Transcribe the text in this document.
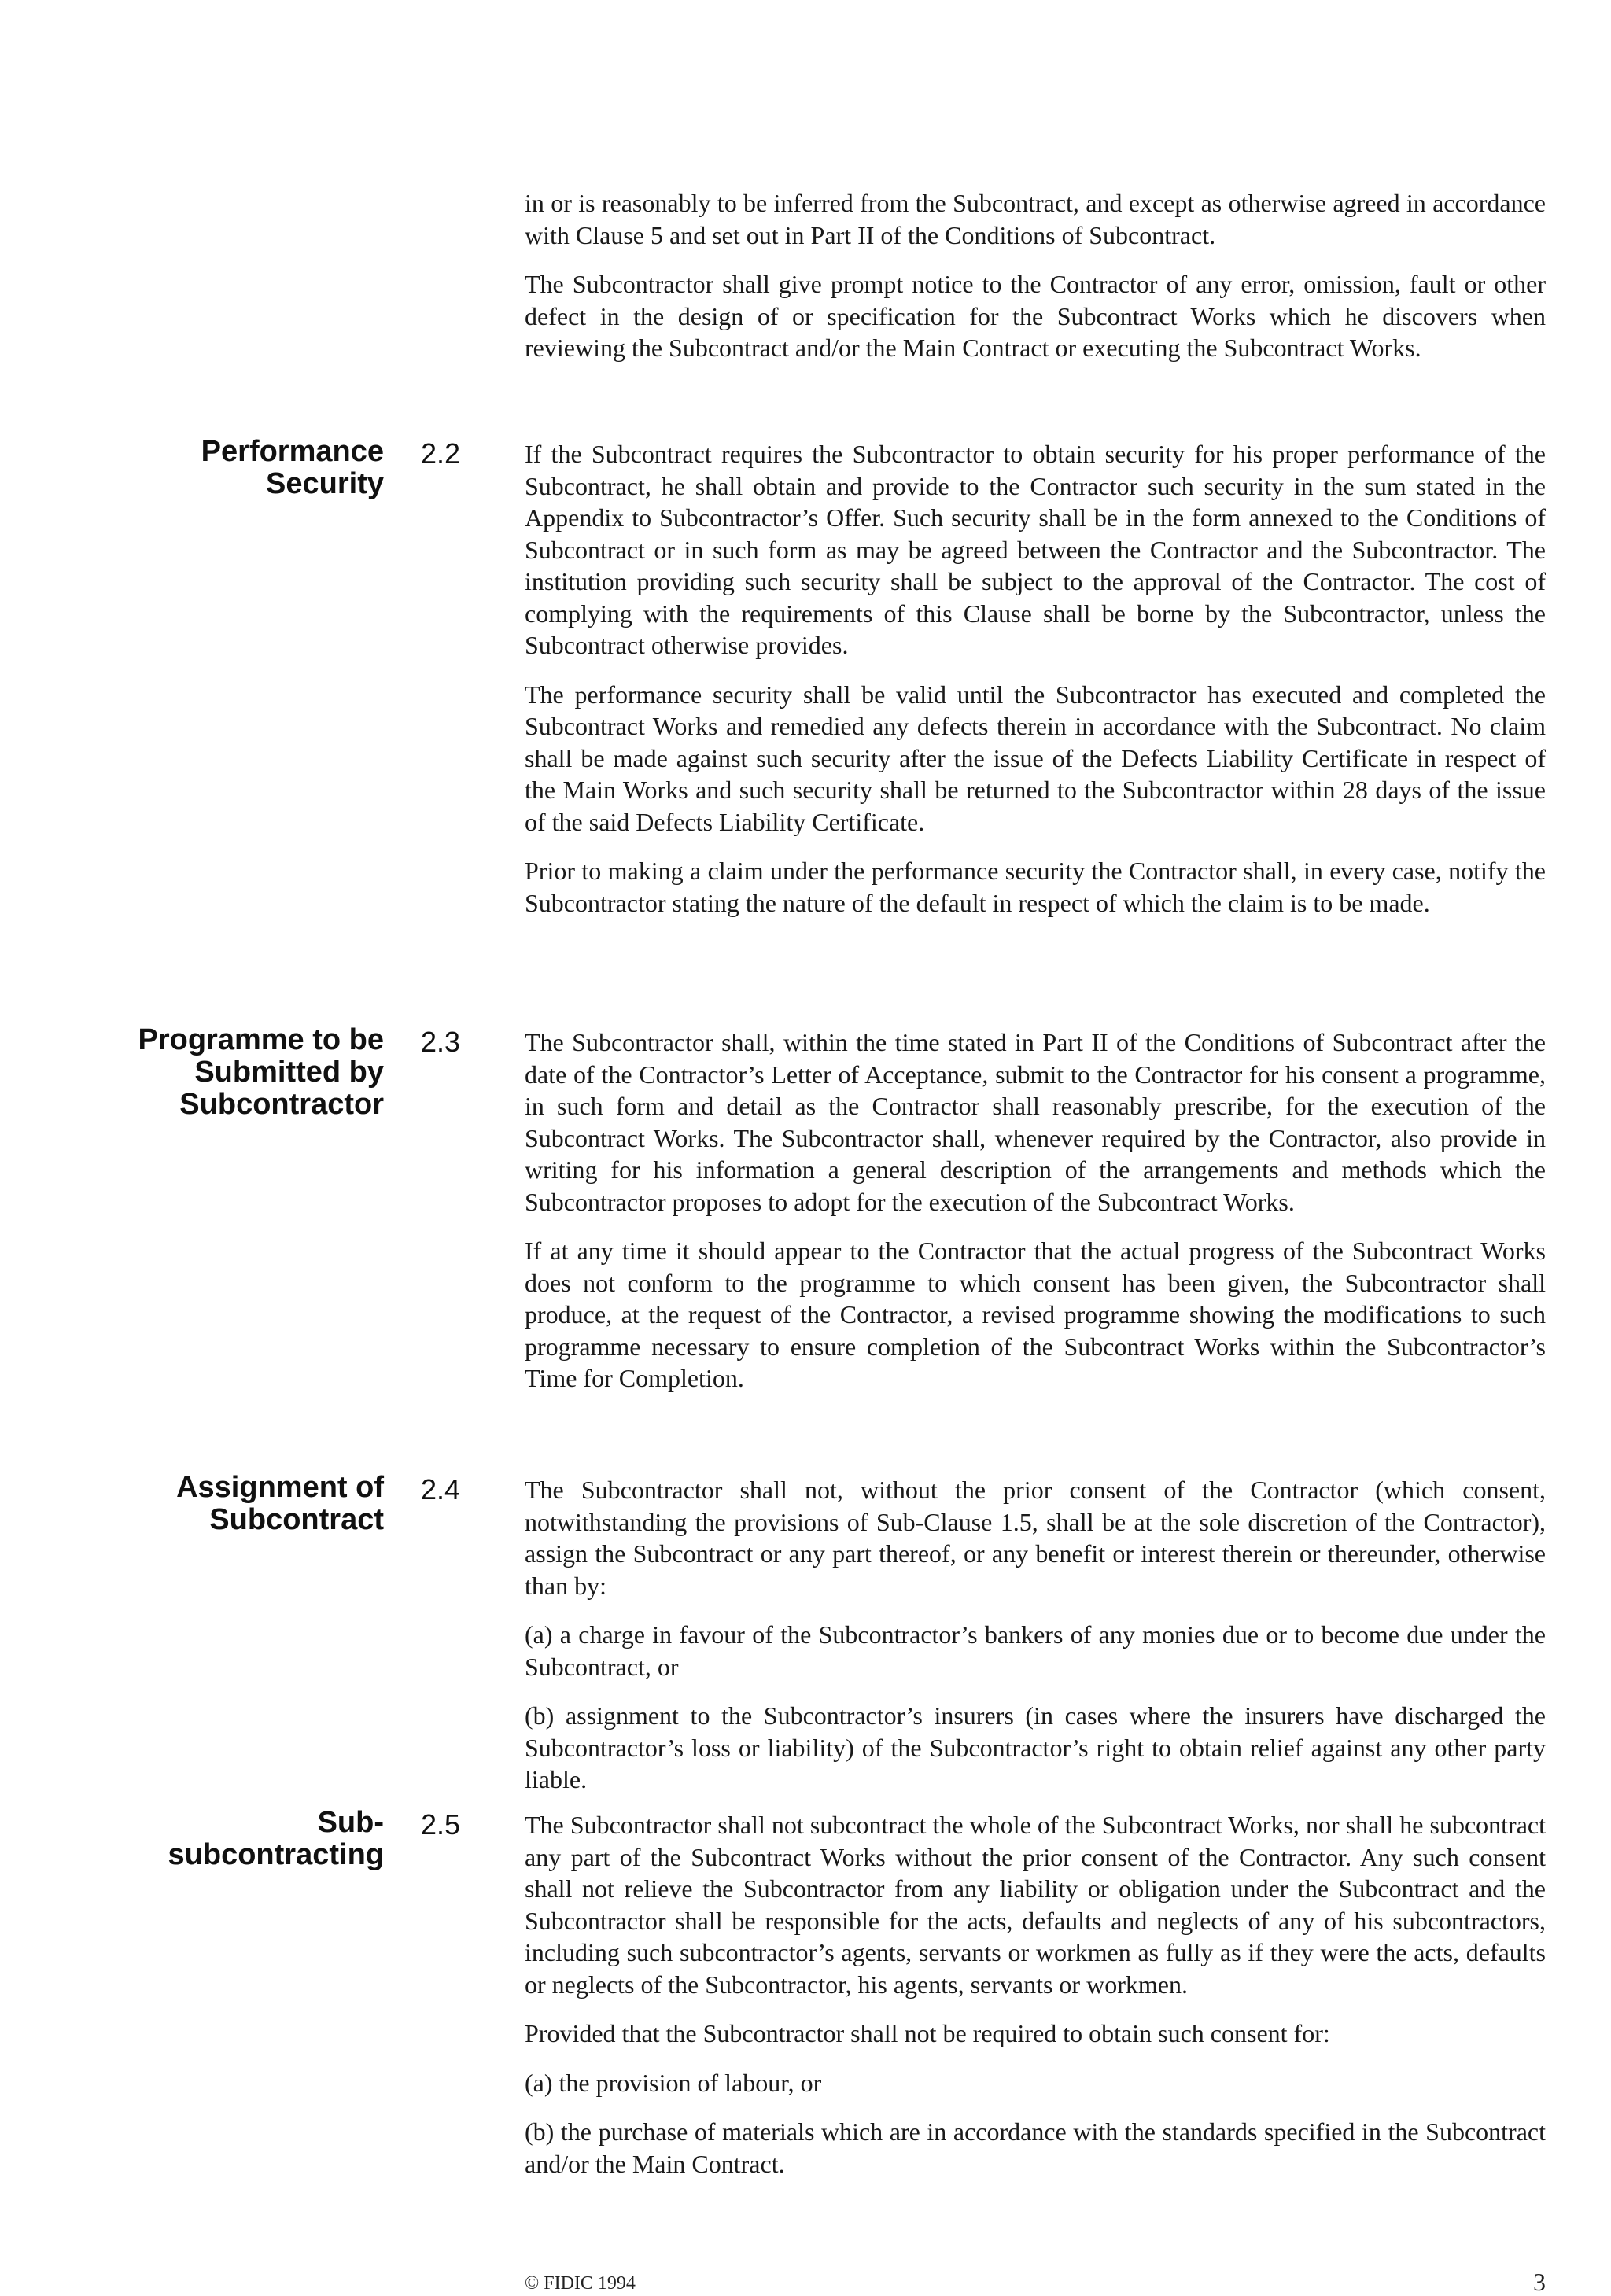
in or is reasonably to be inferred from the Subcontract, and except as otherwise agreed in accordance with Clause 5 and set out in Part II of the Conditions of Subcontract.

The Subcontractor shall give prompt notice to the Contractor of any error, omission, fault or other defect in the design of or specification for the Subcontract Works which he discovers when reviewing the Subcontract and/or the Main Contract or executing the Subcontract Works.

Performance
Security
2.2	If the Subcontract requires the Subcontractor to obtain security for his proper performance of the Subcontract, he shall obtain and provide to the Contractor such security in the sum stated in the Appendix to Subcontractor’s Offer. Such security shall be in the form annexed to the Conditions of Subcontract or in such form as may be agreed between the Contractor and the Subcontractor. The institution providing such security shall be subject to the approval of the Contractor. The cost of complying with the requirements of this Clause shall be borne by the Subcontractor, unless the Subcontract otherwise provides.

The performance security shall be valid until the Subcontractor has executed and completed the Subcontract Works and remedied any defects therein in accordance with the Subcontract. No claim shall be made against such security after the issue of the Defects Liability Certificate in respect of the Main Works and such security shall be returned to the Subcontractor within 28 days of the issue of the said Defects Liability Certificate.

Prior to making a claim under the performance security the Contractor shall, in every case, notify the Subcontractor stating the nature of the default in respect of which the claim is to be made.

Programme to be
Submitted by
Subcontractor
2.3	The Subcontractor shall, within the time stated in Part II of the Conditions of Subcontract after the date of the Contractor’s Letter of Acceptance, submit to the Contractor for his consent a programme, in such form and detail as the Contractor shall reasonably prescribe, for the execution of the Subcontract Works. The Subcontractor shall, whenever required by the Contractor, also provide in writing for his information a general description of the arrangements and methods which the Subcontractor proposes to adopt for the execution of the Subcontract Works.

If at any time it should appear to the Contractor that the actual progress of the Subcontract Works does not conform to the programme to which consent has been given, the Subcontractor shall produce, at the request of the Contractor, a revised programme showing the modifications to such programme necessary to ensure completion of the Subcontract Works within the Subcontractor’s Time for Completion.

Assignment of
Subcontract
2.4	The Subcontractor shall not, without the prior consent of the Contractor (which consent, notwithstanding the provisions of Sub-Clause 1.5, shall be at the sole discretion of the Contractor), assign the Subcontract or any part thereof, or any benefit or interest therein or thereunder, otherwise than by:

(a) a charge in favour of the Subcontractor’s bankers of any monies due or to become due under the Subcontract, or

(b) assignment to the Subcontractor’s insurers (in cases where the insurers have discharged the Subcontractor’s loss or liability) of the Subcontractor’s right to obtain relief against any other party liable.

Sub-
subcontracting
2.5	The Subcontractor shall not subcontract the whole of the Subcontract Works, nor shall he subcontract any part of the Subcontract Works without the prior consent of the Contractor. Any such consent shall not relieve the Subcontractor from any liability or obligation under the Subcontract and the Subcontractor shall be responsible for the acts, defaults and neglects of any of his subcontractors, including such subcontractor’s agents, servants or workmen as fully as if they were the acts, defaults or neglects of the Subcontractor, his agents, servants or workmen.

Provided that the Subcontractor shall not be required to obtain such consent for:

(a) the provision of labour, or

(b) the purchase of materials which are in accordance with the standards specified in the Subcontract and/or the Main Contract.

© FIDIC 1994	3
